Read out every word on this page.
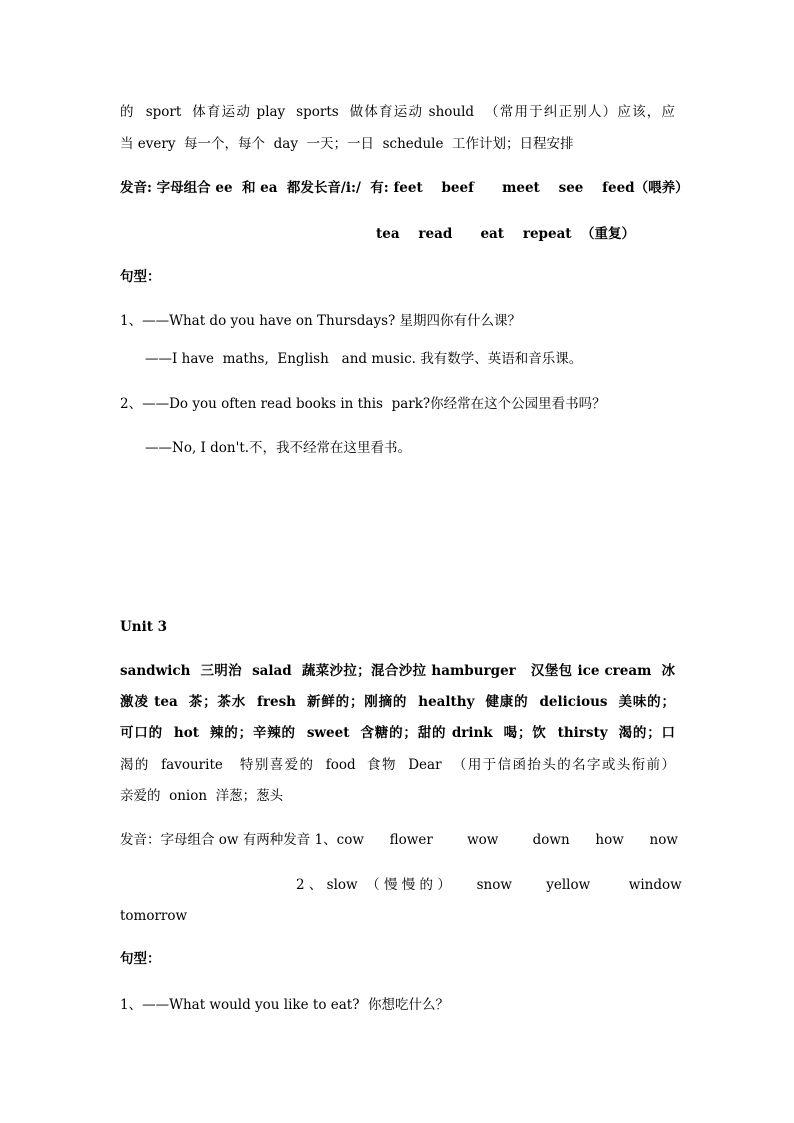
的  sport  体育运动 play  sports  做体育运动 should  （常用于纠正别人）应该，应
当 every  每一个，每个  day  一天；一日  schedule  工作计划；日程安排
发音: 字母组合 ee  和 ea  都发长音/i:/  有: feet    beef      meet    see    feed（喂养）
tea    read      eat    repeat  （重复）
句型：
1、——What do you have on Thursdays? 星期四你有什么课？
——I have  maths,  English   and music. 我有数学、英语和音乐课。
2、——Do you often read books in this  park?你经常在这个公园里看书吗？
——No, I don't.不，我不经常在这里看书。
Unit 3
sandwich  三明治  salad  蔬菜沙拉；混合沙拉 hamburger   汉堡包 ice cream  冰
激凌 tea  茶；茶水  fresh  新鲜的；刚摘的  healthy  健康的  delicious  美味的；
可口的  hot  辣的；辛辣的  sweet  含糖的；甜的 drink  喝；饮  thirsty  渴的；口
渴的  favourite   特别喜爱的  food  食物  Dear  （用于信函抬头的名字或头衔前）
亲爱的  onion  洋葱；葱头
发音：字母组合 ow 有两种发音 1、cow      flower        wow        down      how      now
2 、 slow  （ 慢 慢 的 ）      snow        yellow         window
tomorrow
句型：
1、——What would you like to eat?  你想吃什么？
